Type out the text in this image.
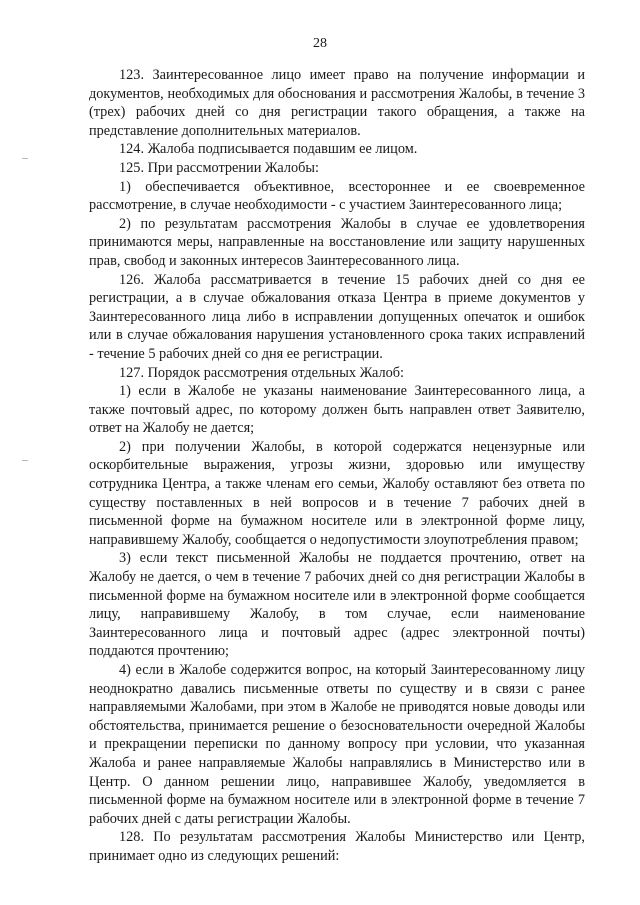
28

123. Заинтересованное лицо имеет право на получение информации и документов, необходимых для обоснования и рассмотрения Жалобы, в течение 3 (трех) рабочих дней со дня регистрации такого обращения, а также на представление дополнительных материалов.

124. Жалоба подписывается подавшим ее лицом.

125. При рассмотрении Жалобы:

1) обеспечивается объективное, всестороннее и ее своевременное рассмотрение, в случае необходимости - с участием Заинтересованного лица;

2) по результатам рассмотрения Жалобы в случае ее удовлетворения принимаются меры, направленные на восстановление или защиту нарушенных прав, свобод и законных интересов Заинтересованного лица.

126. Жалоба рассматривается в течение 15 рабочих дней со дня ее регистрации, а в случае обжалования отказа Центра в приеме документов у Заинтересованного лица либо в исправлении допущенных опечаток и ошибок или в случае обжалования нарушения установленного срока таких исправлений - течение 5 рабочих дней со дня ее регистрации.

127. Порядок рассмотрения отдельных Жалоб:

1) если в Жалобе не указаны наименование Заинтересованного лица, а также почтовый адрес, по которому должен быть направлен ответ Заявителю, ответ на Жалобу не дается;

2) при получении Жалобы, в которой содержатся нецензурные или оскорбительные выражения, угрозы жизни, здоровью или имуществу сотрудника Центра, а также членам его семьи, Жалобу оставляют без ответа по существу поставленных в ней вопросов и в течение 7 рабочих дней в письменной форме на бумажном носителе или в электронной форме лицу, направившему Жалобу, сообщается о недопустимости злоупотребления правом;

3) если текст письменной Жалобы не поддается прочтению, ответ на Жалобу не дается, о чем в течение 7 рабочих дней со дня регистрации Жалобы в письменной форме на бумажном носителе или в электронной форме сообщается лицу, направившему Жалобу, в том случае, если наименование Заинтересованного лица и почтовый адрес (адрес электронной почты) поддаются прочтению;

4) если в Жалобе содержится вопрос, на который Заинтересованному лицу неоднократно давались письменные ответы по существу и в связи с ранее направляемыми Жалобами, при этом в Жалобе не приводятся новые доводы или обстоятельства, принимается решение о безосновательности очередной Жалобы и прекращении переписки по данному вопросу при условии, что указанная Жалоба и ранее направляемые Жалобы направлялись в Министерство или в Центр. О данном решении лицо, направившее Жалобу, уведомляется в письменной форме на бумажном носителе или в электронной форме в течение 7 рабочих дней с даты регистрации Жалобы.

128. По результатам рассмотрения Жалобы Министерство или Центр, принимает одно из следующих решений:
